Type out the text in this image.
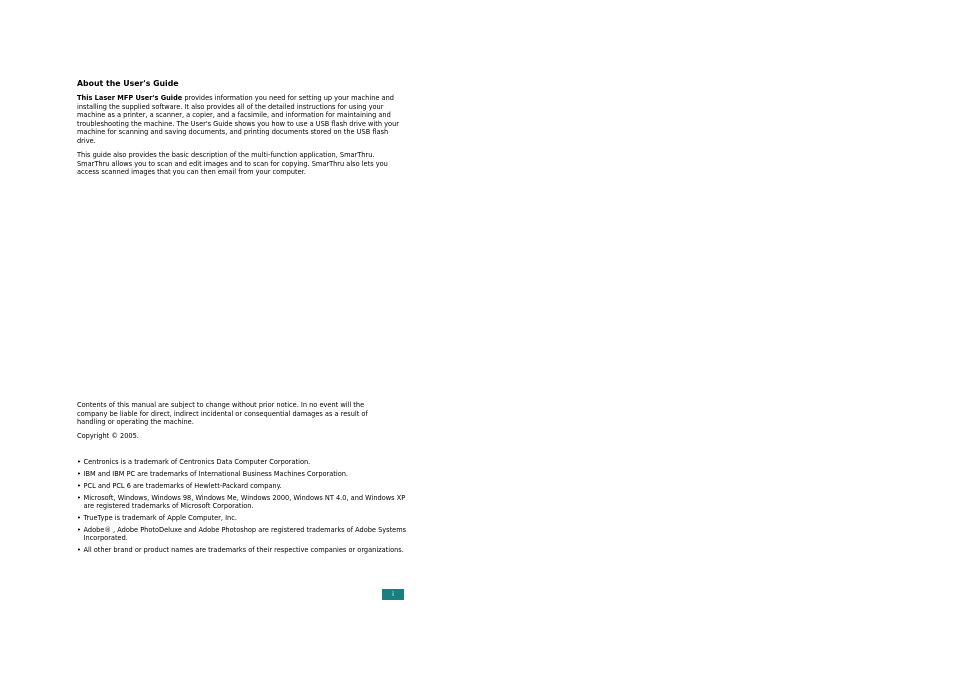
About the User's Guide

This Laser MFP User's Guide provides information you need for setting up your machine and installing the supplied software. It also provides all of the detailed instructions for using your machine as a printer, a scanner, a copier, and a facsimile, and information for maintaining and troubleshooting the machine. The User's Guide shows you how to use a USB flash drive with your machine for scanning and saving documents, and printing documents stored on the USB flash drive.

This guide also provides the basic description of the multi-function application, SmarThru. SmarThru allows you to scan and edit images and to scan for copying. SmarThru also lets you access scanned images that you can then email from your computer.

Contents of this manual are subject to change without prior notice. In no event will the company be liable for direct, indirect incidental or consequential damages as a result of handling or operating the machine.

Copyright © 2005.

• Centronics is a trademark of Centronics Data Computer Corporation.
• IBM and IBM PC are trademarks of International Business Machines Corporation.
• PCL and PCL 6 are trademarks of Hewlett-Packard company.
• Microsoft, Windows, Windows 98, Windows Me, Windows 2000, Windows NT 4.0, and Windows XP are registered trademarks of Microsoft Corporation.
• TrueType is trademark of Apple Computer, Inc.
• Adobe® , Adobe PhotoDeluxe and Adobe Photoshop are registered trademarks of Adobe Systems Incorporated.
• All other brand or product names are trademarks of their respective companies or organizations.
i
